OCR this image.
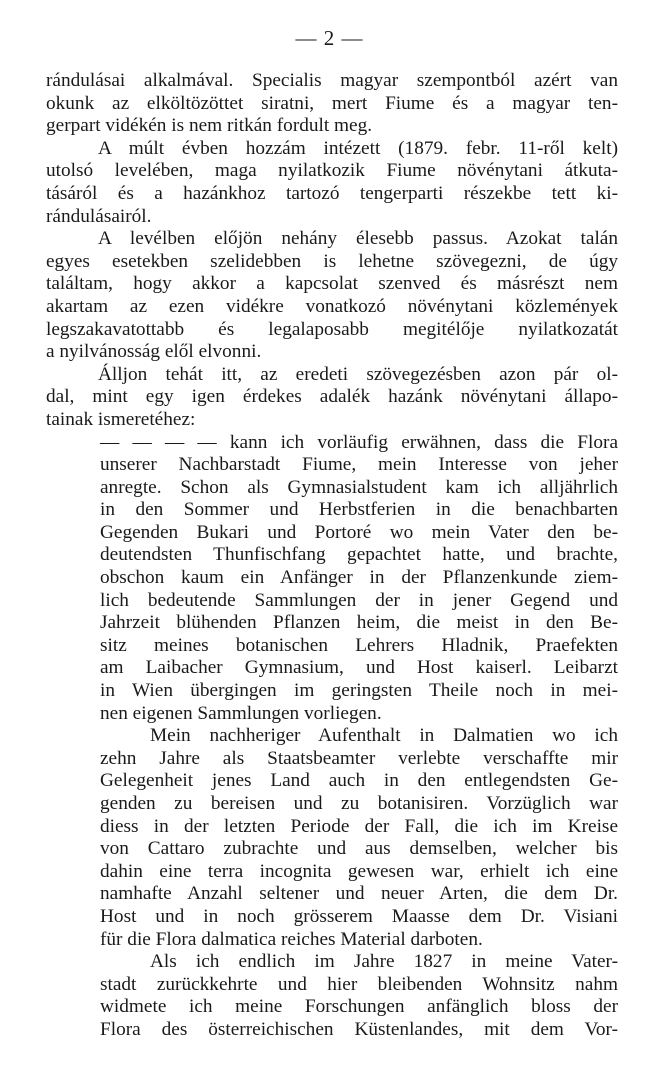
— 2 —
rándulásai alkalmával. Specialis magyar szempontból azért van
okunk az elköltözöttet siratni, mert Fiume és a magyar ten-
gerpart vidékén is nem ritkán fordult meg.
A múlt évben hozzám intézett (1879. febr. 11-ről kelt)
utolsó levelében, maga nyilatkozik Fiume növénytani átkuta-
tásáról és a hazánkhoz tartozó tengerparti részekbe tett ki-
rándulásairól.
A levélben előjön nehány élesebb passus. Azokat talán
egyes esetekben szelidebben is lehetne szövegezni, de úgy
találtam, hogy akkor a kapcsolat szenved és másrészt nem
akartam az ezen vidékre vonatkozó növénytani közlemények
legszakavatottabb és legalaposabb megitélője nyilatkozatát
a nyilvánosság elől elvonni.
Álljon tehát itt, az eredeti szövegezésben azon pár ol-
dal, mint egy igen érdekes adalék hazánk növénytani állapo-
tainak ismeretéhez:
— — — — kann ich vorläufig erwähnen, dass die Flora
unserer Nachbarstadt Fiume, mein Interesse von jeher
anregte. Schon als Gymnasialstudent kam ich alljährlich
in den Sommer und Herbstferien in die benachbarten
Gegenden Bukari und Portoré wo mein Vater den be-
deutendsten Thunfischfang gepachtet hatte, und brachte,
obschon kaum ein Anfänger in der Pflanzenkunde ziem-
lich bedeutende Sammlungen der in jener Gegend und
Jahrzeit blühenden Pflanzen heim, die meist in den Be-
sitz meines botanischen Lehrers Hladnik, Praefekten
am Laibacher Gymnasium, und Host kaiserl. Leibarzt
in Wien übergingen im geringsten Theile noch in mei-
nen eigenen Sammlungen vorliegen.
Mein nachheriger Aufenthalt in Dalmatien wo ich
zehn Jahre als Staatsbeamter verlebte verschaffte mir
Gelegenheit jenes Land auch in den entlegendsten Ge-
genden zu bereisen und zu botanisiren. Vorzüglich war
diess in der letzten Periode der Fall, die ich im Kreise
von Cattaro zubrachte und aus demselben, welcher bis
dahin eine terra incognita gewesen war, erhielt ich eine
namhafte Anzahl seltener und neuer Arten, die dem Dr.
Host und in noch grösserem Maasse dem Dr. Visiani
für die Flora dalmatica reiches Material darboten.
Als ich endlich im Jahre 1827 in meine Vater-
stadt zurückkehrte und hier bleibenden Wohnsitz nahm
widmete ich meine Forschungen anfänglich bloss der
Flora des österreichischen Küstenlandes, mit dem Vor-
